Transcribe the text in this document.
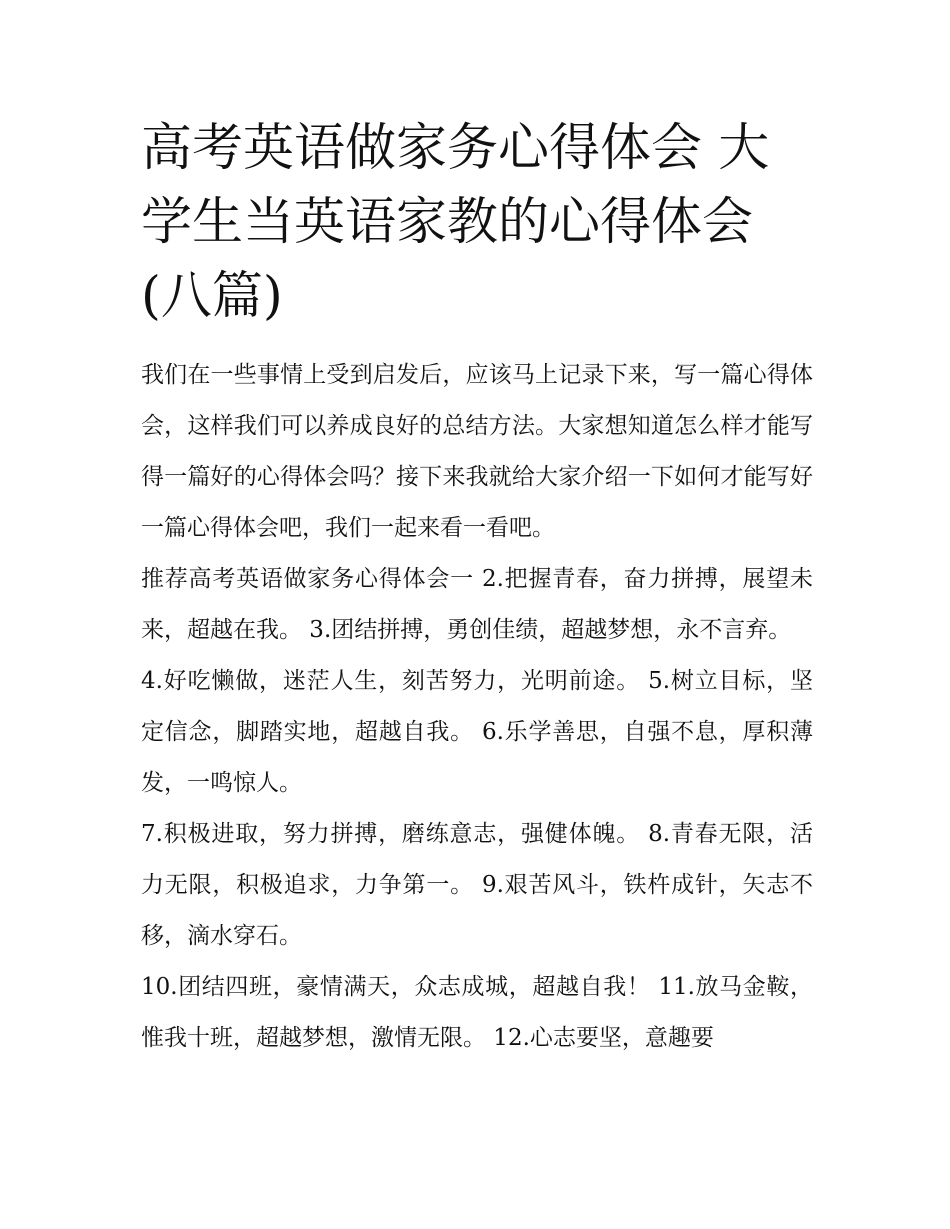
高考英语做家务心得体会 大学生当英语家教的心得体会(八篇)

我们在一些事情上受到启发后，应该马上记录下来，写一篇心得体会，这样我们可以养成良好的总结方法。大家想知道怎么样才能写得一篇好的心得体会吗？接下来我就给大家介绍一下如何才能写好一篇心得体会吧，我们一起来看一看吧。

推荐高考英语做家务心得体会一 2.把握青春，奋力拼搏，展望未来，超越在我。 3.团结拼搏，勇创佳绩，超越梦想，永不言弃。

4.好吃懒做，迷茫人生，刻苦努力，光明前途。 5.树立目标，坚定信念，脚踏实地，超越自我。 6.乐学善思，自强不息，厚积薄发，一鸣惊人。

7.积极进取，努力拼搏，磨练意志，强健体魄。 8.青春无限，活力无限，积极追求，力争第一。 9.艰苦风斗，铁杵成针，矢志不移，滴水穿石。

10.团结四班，豪情满天，众志成城，超越自我！ 11.放马金鞍，惟我十班，超越梦想，激情无限。 12.心志要坚，意趣要
